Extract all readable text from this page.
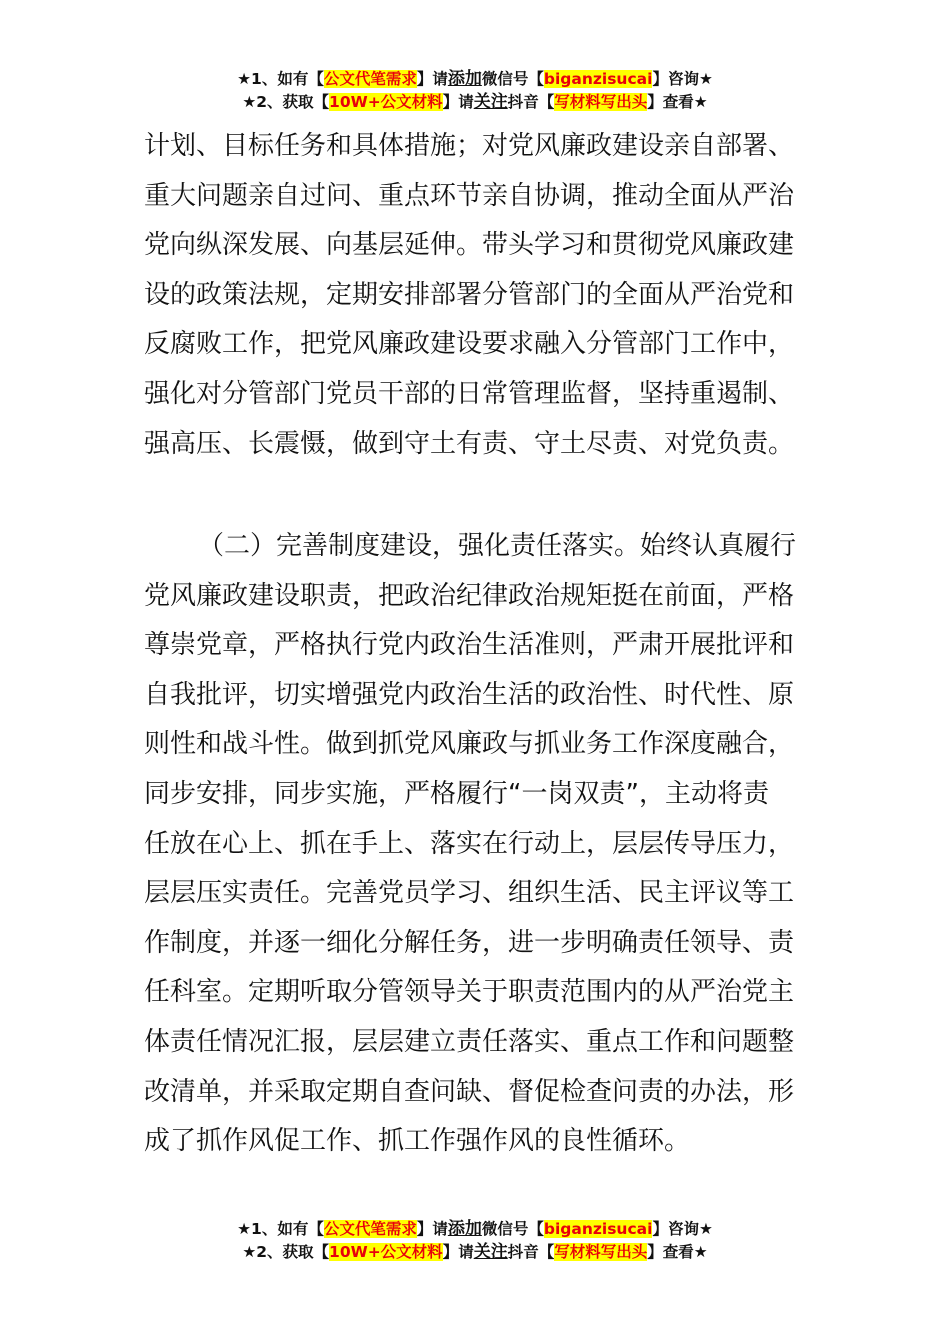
★1、如有【公文代笔需求】请添加微信号【biganzisucai】咨询★
★2、获取【10W+公文材料】请关注抖音【写材料写出头】查看★
计划、目标任务和具体措施；对党风廉政建设亲自部署、
重大问题亲自过问、重点环节亲自协调，推动全面从严治
党向纵深发展、向基层延伸。带头学习和贯彻党风廉政建
设的政策法规，定期安排部署分管部门的全面从严治党和
反腐败工作，把党风廉政建设要求融入分管部门工作中，
强化对分管部门党员干部的日常管理监督，坚持重遏制、
强高压、长震慑，做到守土有责、守土尽责、对党负责。
（二）完善制度建设，强化责任落实。始终认真履行
党风廉政建设职责，把政治纪律政治规矩挺在前面，严格
尊崇党章，严格执行党内政治生活准则，严肃开展批评和
自我批评，切实增强党内政治生活的政治性、时代性、原
则性和战斗性。做到抓党风廉政与抓业务工作深度融合，
同步安排，同步实施，严格履行“一岗双责”，主动将责
任放在心上、抓在手上、落实在行动上，层层传导压力，
层层压实责任。完善党员学习、组织生活、民主评议等工
作制度，并逐一细化分解任务，进一步明确责任领导、责
任科室。定期听取分管领导关于职责范围内的从严治党主
体责任情况汇报，层层建立责任落实、重点工作和问题整
改清单，并采取定期自查问缺、督促检查问责的办法，形
成了抓作风促工作、抓工作强作风的良性循环。
★1、如有【公文代笔需求】请添加微信号【biganzisucai】咨询★
★2、获取【10W+公文材料】请关注抖音【写材料写出头】查看★
